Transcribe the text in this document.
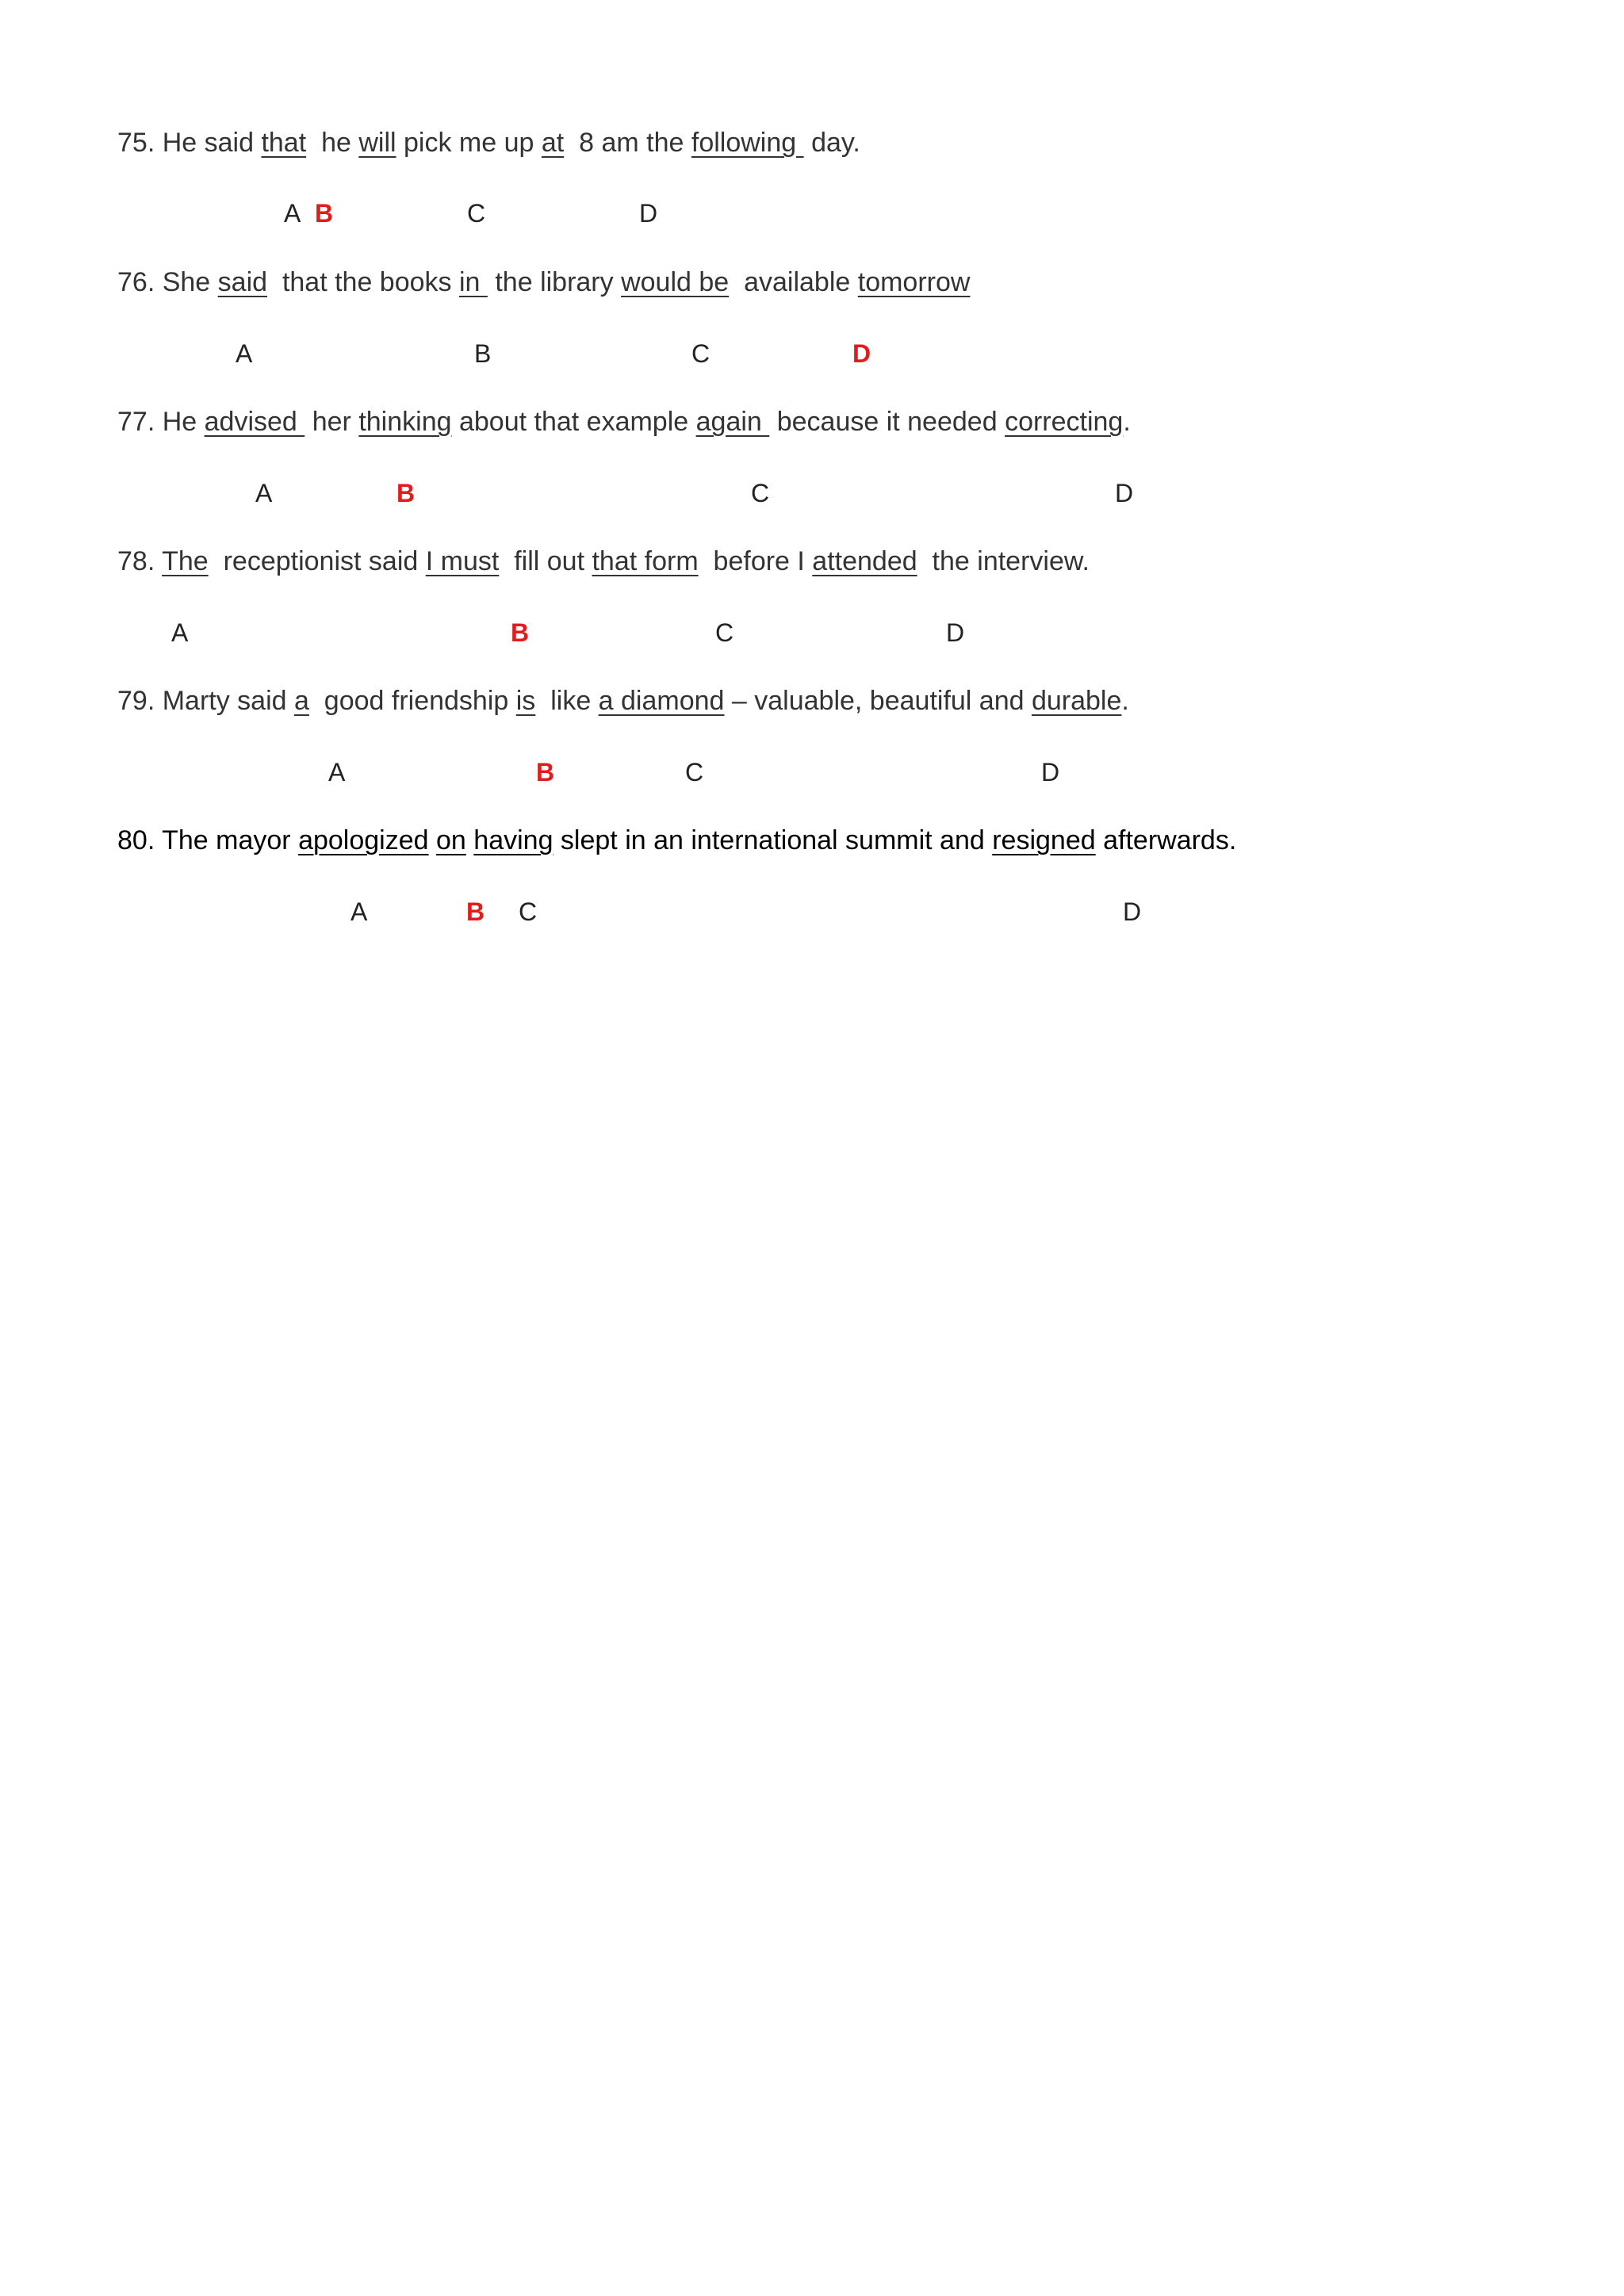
75. He said that  he will pick me up at  8 am the following  day.
A B	C	D
76. She said  that the books in  the library would be  available tomorrow
A	B	C	D
77. He advised  her thinking about that example again  because it needed correcting.
A	B	C	D
78. The  receptionist said I must  fill out that form  before I attended  the interview.
A	B	C	D
79. Marty said a  good friendship is  like a diamond – valuable, beautiful and durable.
A	B	C	D
80. The mayor apologized on having slept in an international summit and resigned afterwards.
A	B C	D
